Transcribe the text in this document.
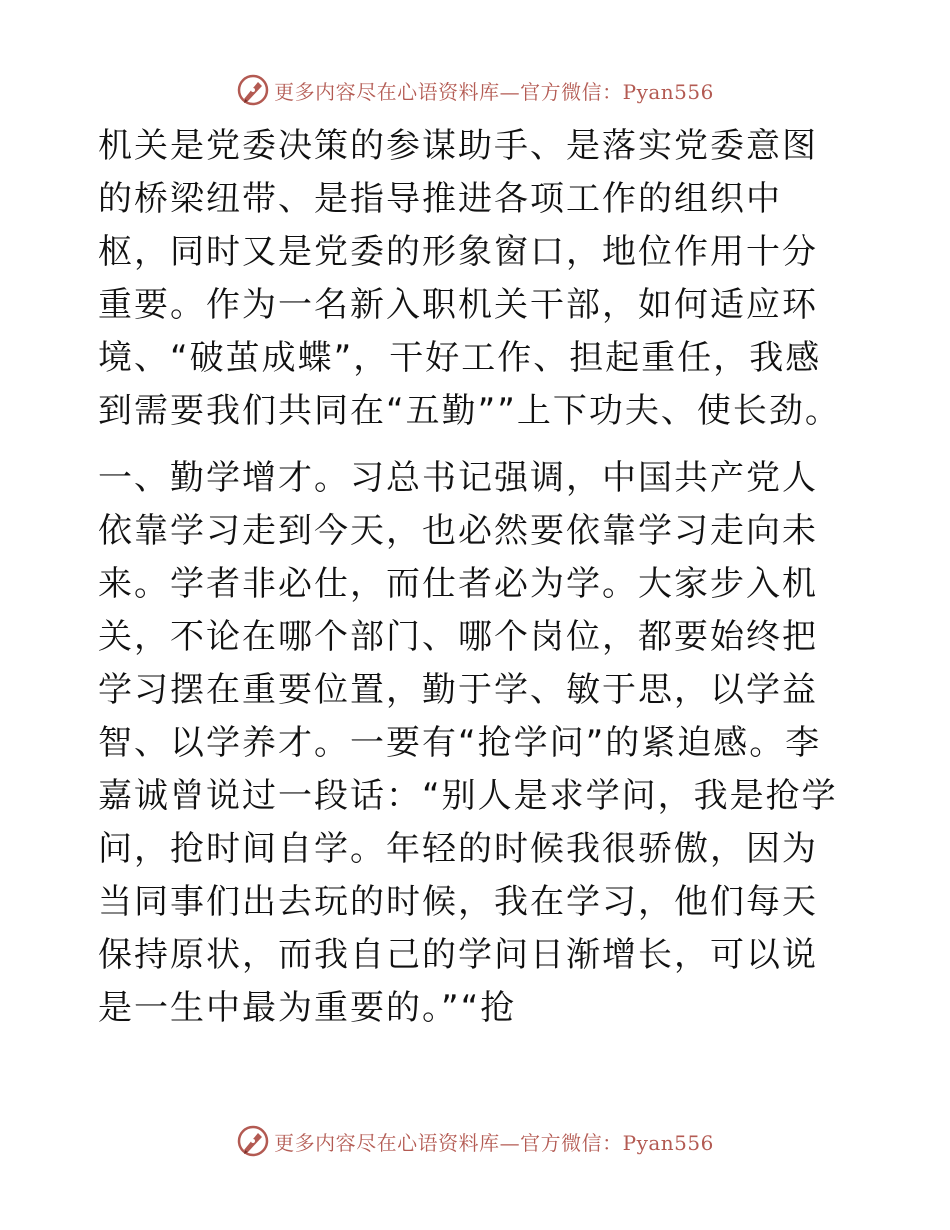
更多内容尽在心语资料库—官方微信：Pyan556

机关是党委决策的参谋助手、是落实党委意图的桥梁纽带、是指导推进各项工作的组织中枢，同时又是党委的形象窗口，地位作用十分重要。作为一名新入职机关干部，如何适应环境、“破茧成蝶”，干好工作、担起重任，我感到需要我们共同在“五勤””上下功夫、使长劲。

一、勤学增才。习总书记强调，中国共产党人依靠学习走到今天，也必然要依靠学习走向未来。学者非必仕，而仕者必为学。大家步入机关，不论在哪个部门、哪个岗位，都要始终把学习摆在重要位置，勤于学、敏于思，以学益智、以学养才。一要有“抢学问”的紧迫感。李嘉诚曾说过一段话：“别人是求学问，我是抢学问，抢时间自学。年轻的时候我很骄傲，因为当同事们出去玩的时候，我在学习，他们每天保持原状，而我自己的学问日渐增长，可以说是一生中最为重要的。”“抢

更多内容尽在心语资料库—官方微信：Pyan556
